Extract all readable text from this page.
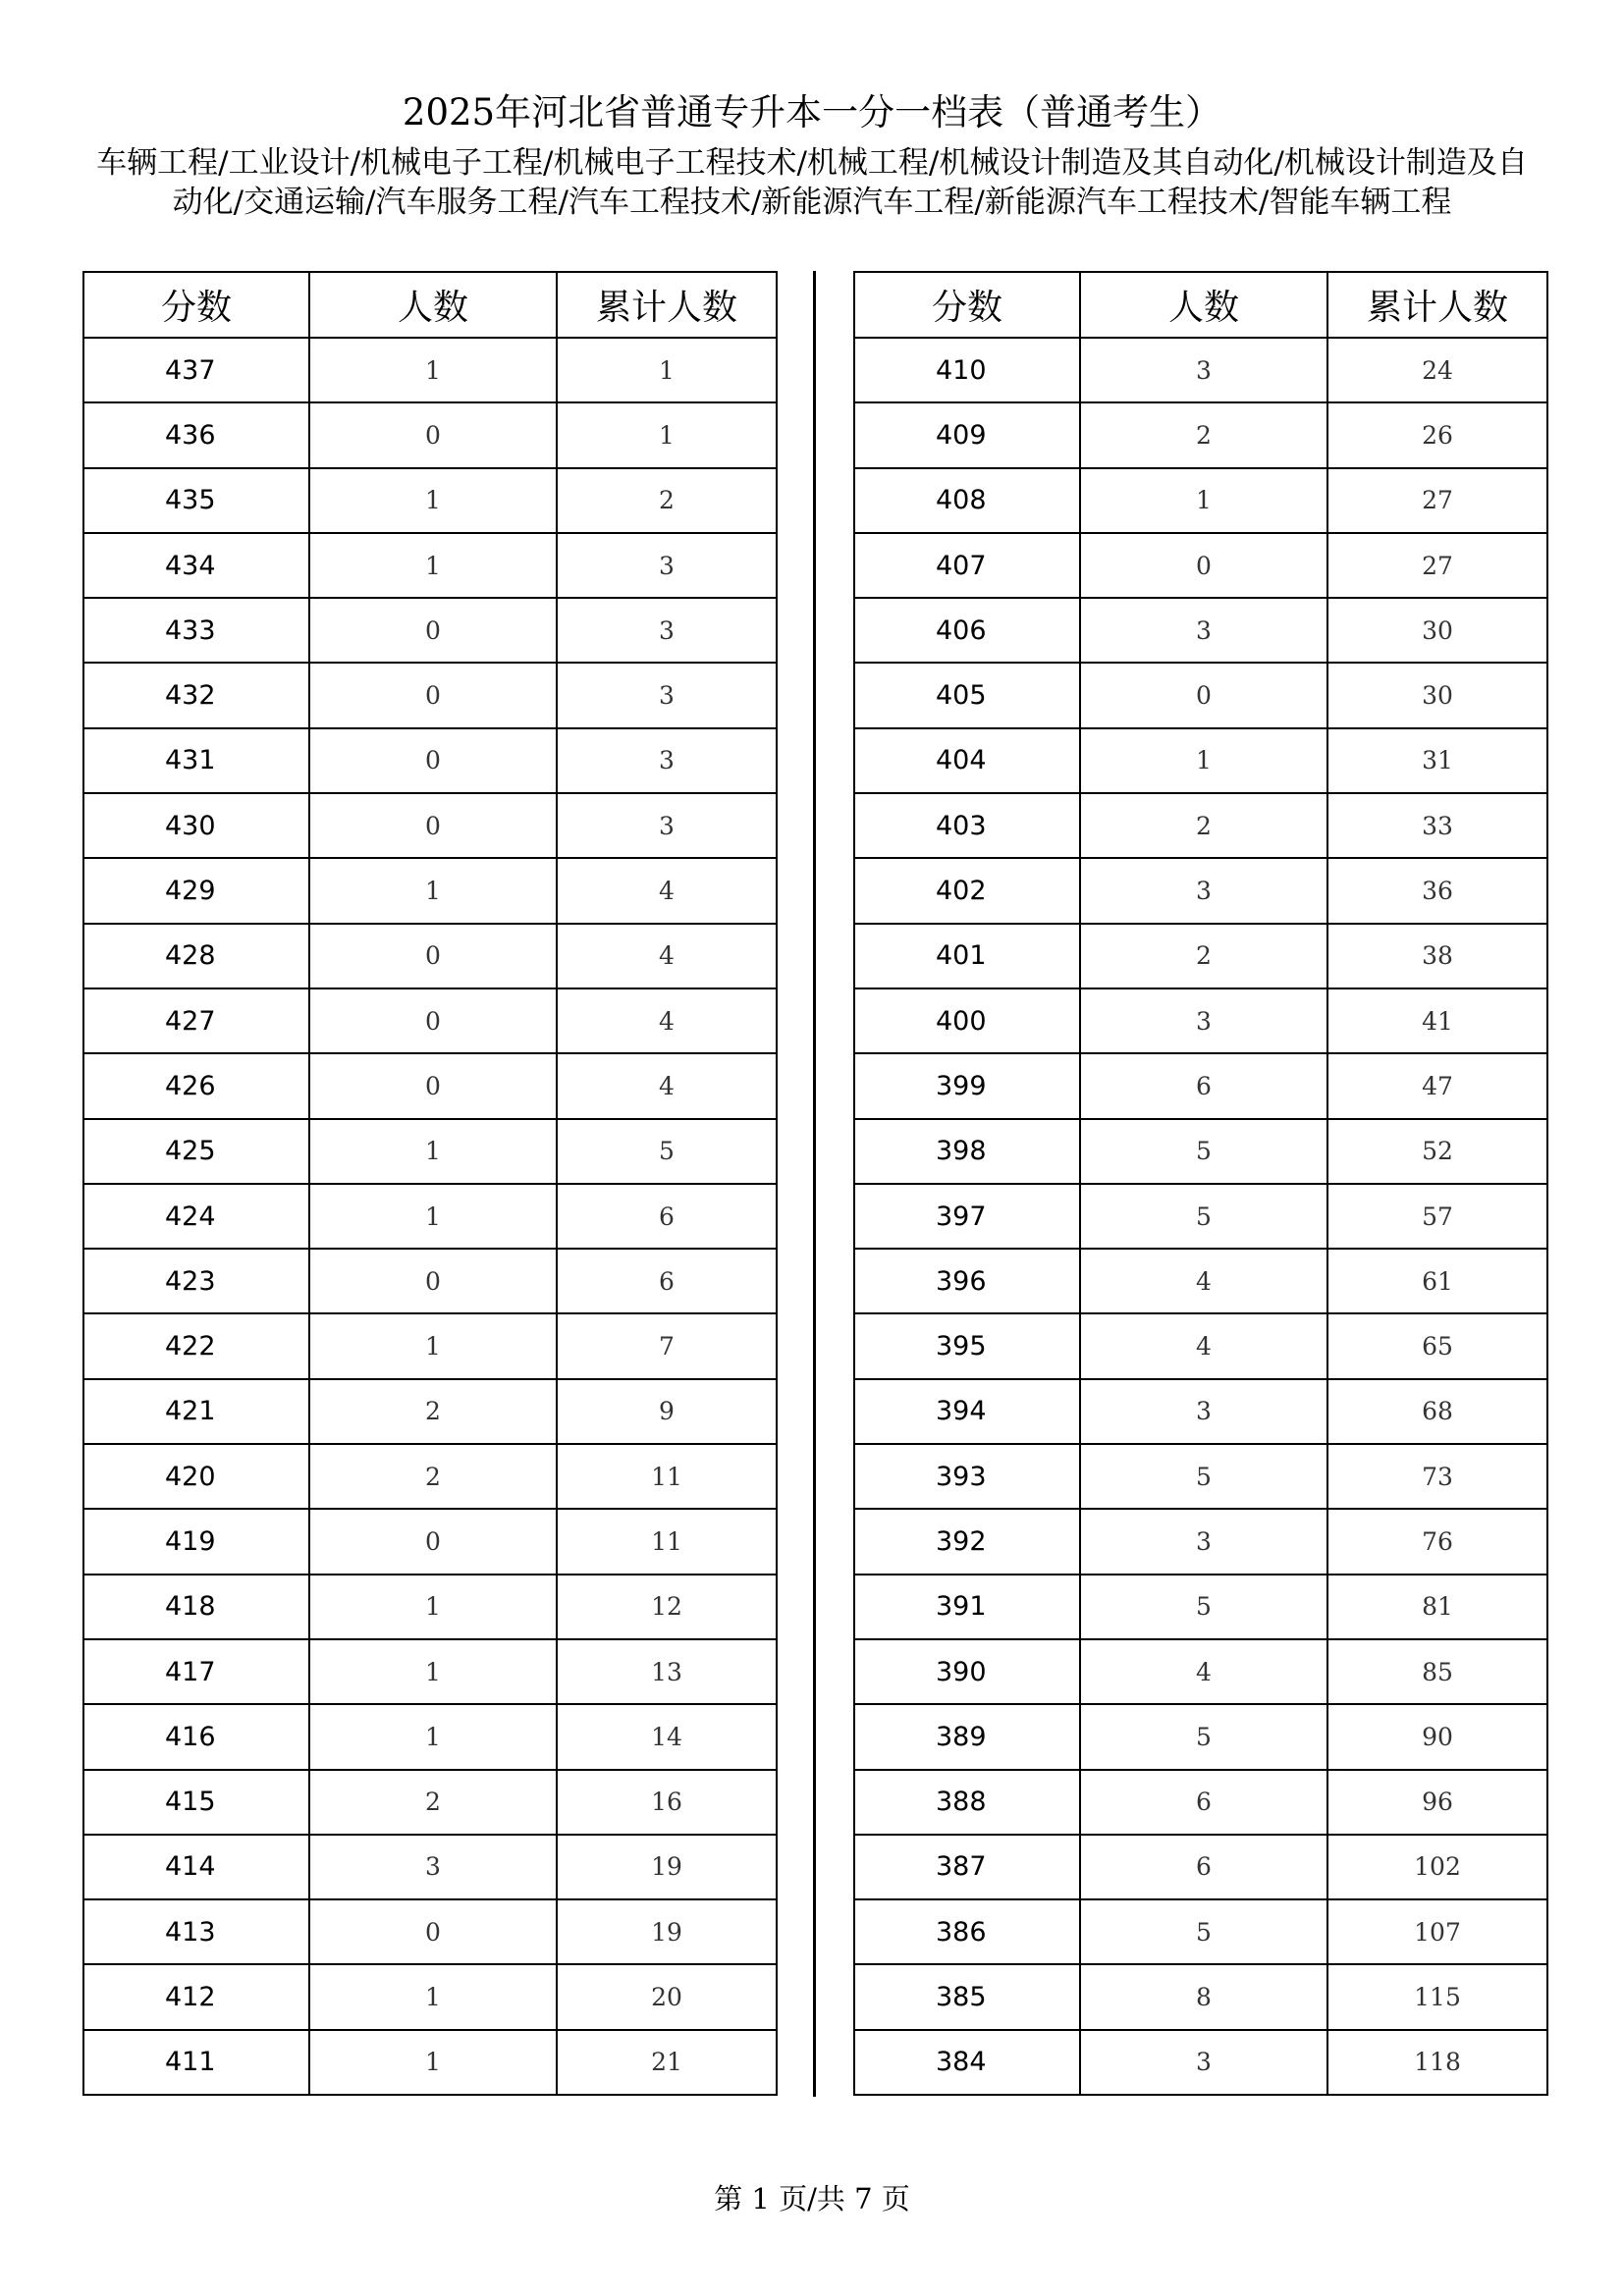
2025年河北省普通专升本一分一档表（普通考生）
车辆工程/工业设计/机械电子工程/机械电子工程技术/机械工程/机械设计制造及其自动化/机械设计制造及自动化/交通运输/汽车服务工程/汽车工程技术/新能源汽车工程/新能源汽车工程技术/智能车辆工程
分数	人数	累计人数
437	1	1
436	0	1
435	1	2
434	1	3
433	0	3
432	0	3
431	0	3
430	0	3
429	1	4
428	0	4
427	0	4
426	0	4
425	1	5
424	1	6
423	0	6
422	1	7
421	2	9
420	2	11
419	0	11
418	1	12
417	1	13
416	1	14
415	2	16
414	3	19
413	0	19
412	1	20
411	1	21
分数	人数	累计人数
410	3	24
409	2	26
408	1	27
407	0	27
406	3	30
405	0	30
404	1	31
403	2	33
402	3	36
401	2	38
400	3	41
399	6	47
398	5	52
397	5	57
396	4	61
395	4	65
394	3	68
393	5	73
392	3	76
391	5	81
390	4	85
389	5	90
388	6	96
387	6	102
386	5	107
385	8	115
384	3	118
第 1 页/共 7 页
